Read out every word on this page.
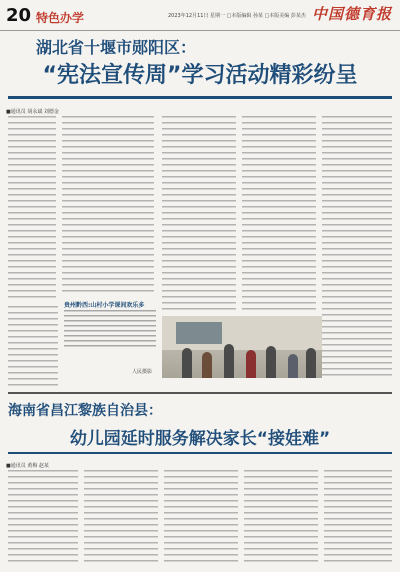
20 特色办学	2023年12月11日 星期一 □本版编辑 孙某 □本版美编 彭某杰 中国德育报
湖北省十堰市郧阳区：
“宪法宣传周”学习活动精彩纷呈
■通讯员 胡永斌 刘德金
贵州黔西:山村小学课间欢乐多
人民摄影
海南省昌江黎族自治县：
幼儿园延时服务解决家长“接娃难”
■通讯员 黄梅 赵某
